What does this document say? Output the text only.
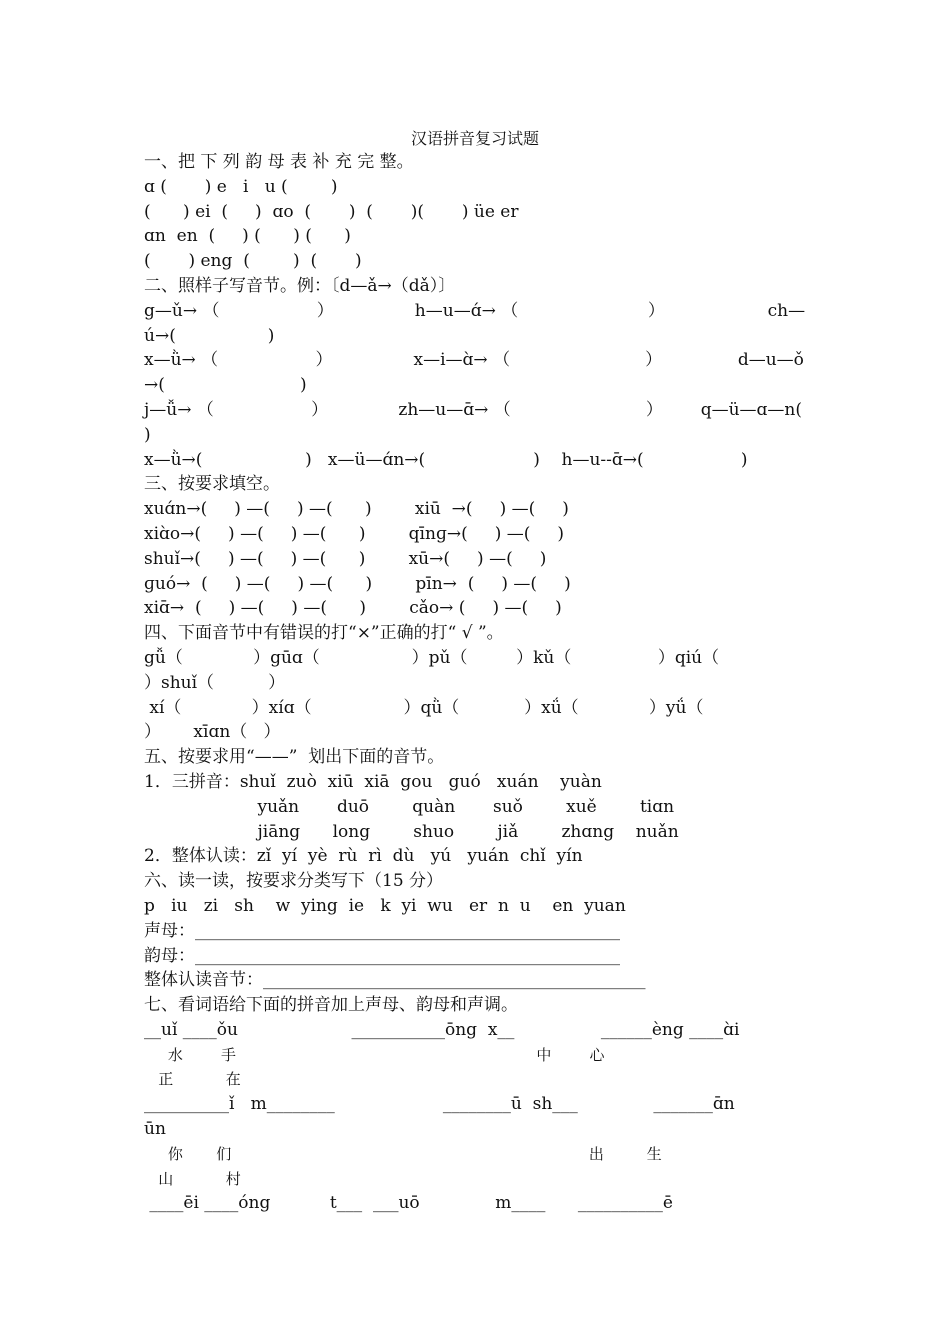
汉语拼音复习试题
一、把 下 列 韵 母 表 补 充 完 整。
ɑ (       ) e   i   u (        )
(      ) ei  (     )  ɑo  (       )  (       )(       ) üe er
ɑn  en  (     ) (      ) (      )
(       ) eng  (        )  (       )
二、照样子写音节。例：〔d—ǎ→（dǎ）〕
g—ǔ→ （                  ）               h—u—ɑ́→ （                        ）                   ch—ú→(                 )
x—ǜ→ （                  ）               x—i—ɑ̀→ （                         ）              d—u—ǒ→(                         )
j—ǚ→ （                  ）             zh—u—ɑ̄→ （                         ）       q—ü—ɑ—n(              )
x—ǜ→(                   )   x—ü—ɑ́n→(                    )    h—u--ɑ̄→(                  )
三、按要求填空。
xuɑ́n→(     ) —(     ) —(      )        xiū  →(     ) —(     )
xiɑ̀o→(     ) —(     ) —(      )        qīnɡ→(     ) —(     )
shuǐ→(     ) —(     ) —(      )        xū→(     ) —(     )
ɡuó→  (     ) —(     ) —(      )        pīn→  (     ) —(     )
xiɑ̄→  (     ) —(     ) —(      )        cǎo→ (     ) —(     )
四、下面音节中有错误的打“×”正确的打“ √ ”。
gǚ（             ）gūɑ（                 ）pǔ（         ）kǔ（                ）qiú（                ）shuǐ（          ）
xí（             ）xíɑ（                 ）qǜ（            ）xǘ（             ）yǘ（                 ）      xīɑn（   ）
五、按要求用“——”  划出下面的音节。
1．三拼音：shuǐ  zuò  xiū  xiā  gou   guó   xuán    yuàn
yuǎn       duō        quàn       suǒ        xuě        tiɑn
jiāng      long        shuo        jiǎ        zhɑng    nuǎn
2．整体认读：zǐ  yí  yè  rù  rì  dù   yú   yuán  chǐ  yín
六、读一读，按要求分类写下（15 分）
p   iu   zi   sh    w  ying  ie   k  yi  wu   er  n  u    en  yuan
声母：__________________________________________________
韵母：__________________________________________________
整体认读音节：_____________________________________________
七、看词语给下面的拼音加上声母、韵母和声调。
__uǐ ____ǒu                     ___________ōng  x__                ______èng ____ɑ̀i
水        手                                                               中        心
正           在
__________ǐ   m________                    ________ū  sh___              _______ɑ̄n
ūn
你       们                                                                           出         生
山           村
____ēi ____óng           t___  ___uō              m____      __________ē
